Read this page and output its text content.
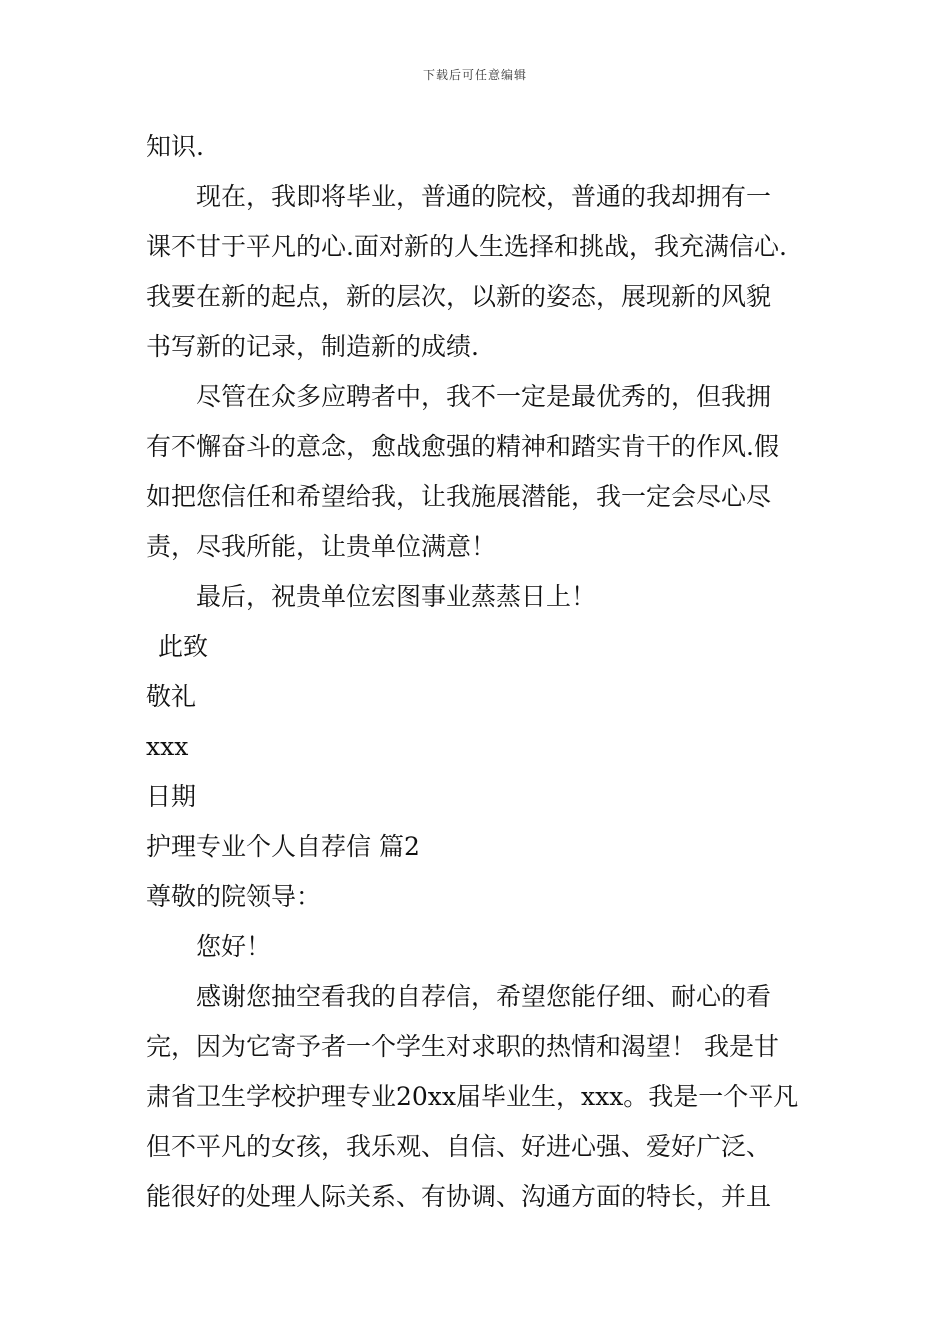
下载后可任意编辑
知识.
现在，我即将毕业，普通的院校，普通的我却拥有一
课不甘于平凡的心.面对新的人生选择和挑战，我充满信心.
我要在新的起点，新的层次，以新的姿态，展现新的风貌
书写新的记录，制造新的成绩.
尽管在众多应聘者中，我不一定是最优秀的，但我拥
有不懈奋斗的意念，愈战愈强的精神和踏实肯干的作风.假
如把您信任和希望给我，让我施展潜能，我一定会尽心尽
责，尽我所能，让贵单位满意！
最后，祝贵单位宏图事业蒸蒸日上！
此致
敬礼
xxx
日期
护理专业个人自荐信 篇2
尊敬的院领导：
您好！
感谢您抽空看我的自荐信，希望您能仔细、耐心的看
完，因为它寄予者一个学生对求职的热情和渴望！ 我是甘
肃省卫生学校护理专业20xx届毕业生，xxx。我是一个平凡
但不平凡的女孩，我乐观、自信、好进心强、爱好广泛、
能很好的处理人际关系、有协调、沟通方面的特长，并且
